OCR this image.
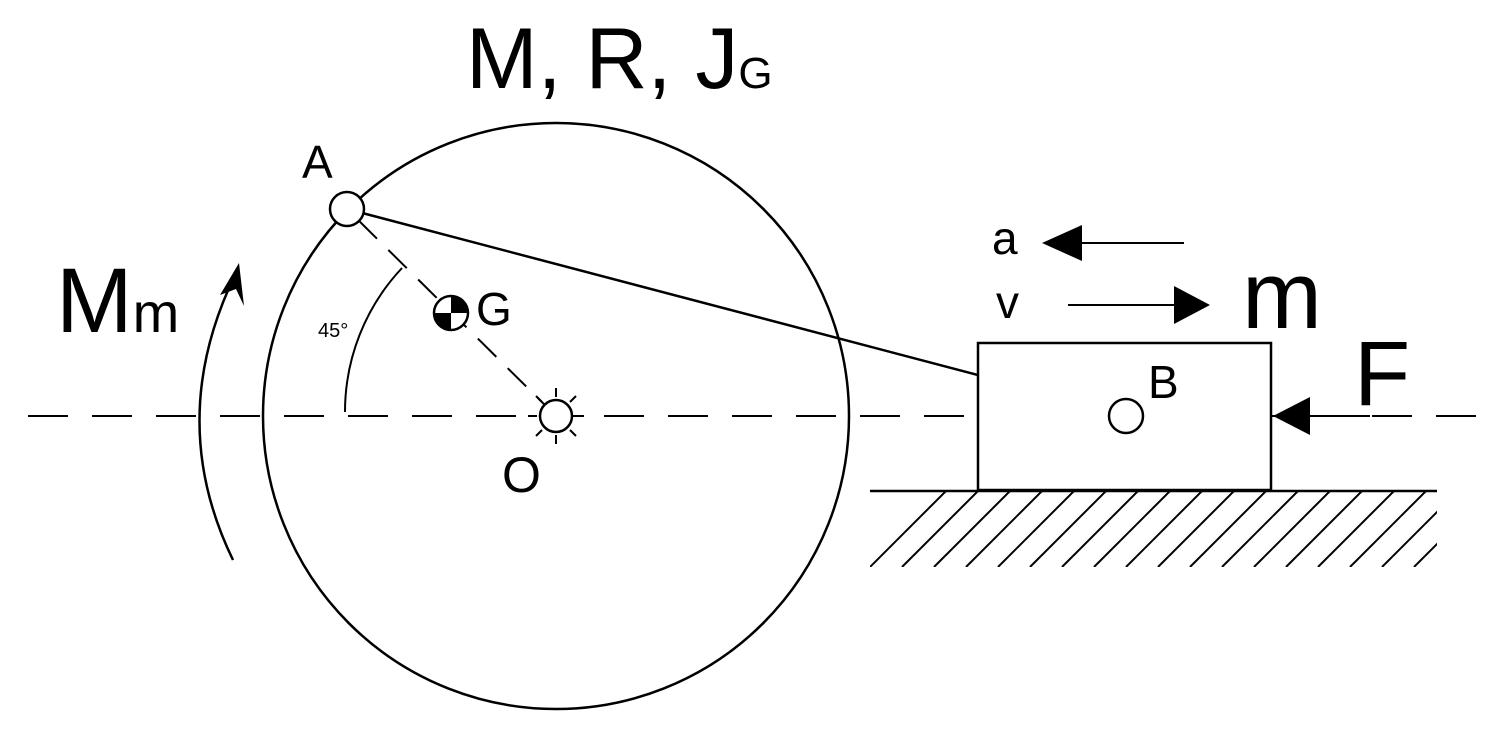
M, R, JG
45°
A
G
O
Mm
B
a
v m
F
